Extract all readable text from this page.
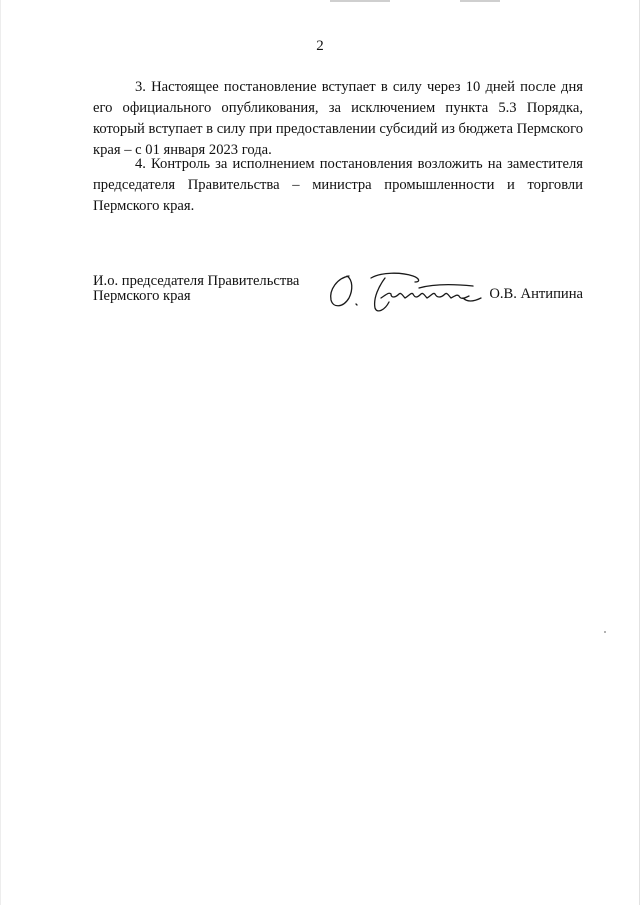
2

3. Настоящее постановление вступает в силу через 10 дней после дня его официального опубликования, за исключением пункта 5.3 Порядка, который вступает в силу при предоставлении субсидий из бюджета Пермского края – с 01 января 2023 года.

4. Контроль за исполнением постановления возложить на заместителя председателя Правительства – министра промышленности и торговли Пермского края.

И.о. председателя Правительства
Пермского края	О.В. Антипина
